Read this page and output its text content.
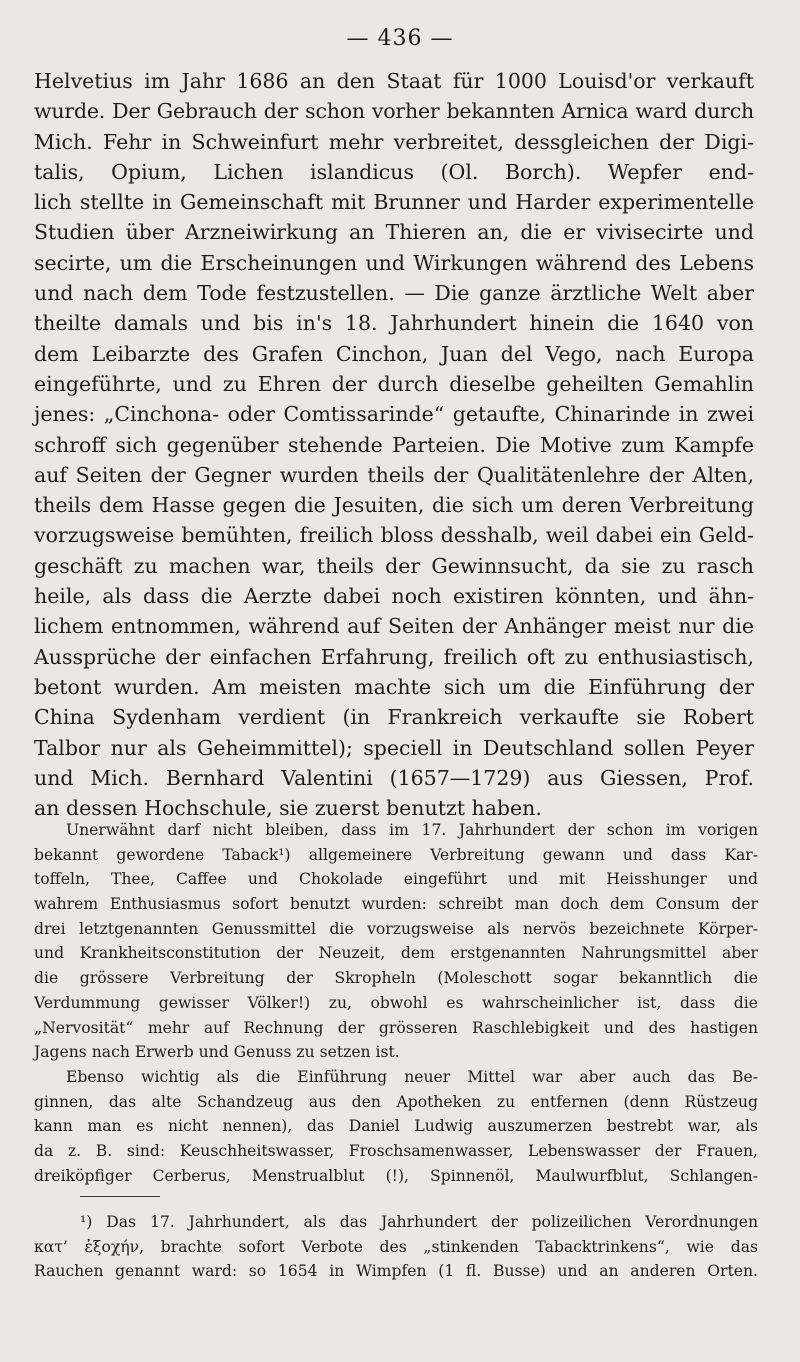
— 436 —
Helvetius im Jahr 1686 an den Staat für 1000 Louisd'or verkauft
wurde. Der Gebrauch der schon vorher bekannten Arnica ward durch
Mich. Fehr in Schweinfurt mehr verbreitet, dessgleichen der Digi-
talis, Opium, Lichen islandicus (Ol. Borch). Wepfer end-
lich stellte in Gemeinschaft mit Brunner und Harder experimentelle
Studien über Arzneiwirkung an Thieren an, die er vivisecirte und
secirte, um die Erscheinungen und Wirkungen während des Lebens
und nach dem Tode festzustellen. — Die ganze ärztliche Welt aber
theilte damals und bis in's 18. Jahrhundert hinein die 1640 von
dem Leibarzte des Grafen Cinchon, Juan del Vego, nach Europa
eingeführte, und zu Ehren der durch dieselbe geheilten Gemahlin
jenes: „Cinchona- oder Comtissarinde“ getaufte, Chinarinde in zwei
schroff sich gegenüber stehende Parteien. Die Motive zum Kampfe
auf Seiten der Gegner wurden theils der Qualitätenlehre der Alten,
theils dem Hasse gegen die Jesuiten, die sich um deren Verbreitung
vorzugsweise bemühten, freilich bloss desshalb, weil dabei ein Geld-
geschäft zu machen war, theils der Gewinnsucht, da sie zu rasch
heile, als dass die Aerzte dabei noch existiren könnten, und ähn-
lichem entnommen, während auf Seiten der Anhänger meist nur die
Aussprüche der einfachen Erfahrung, freilich oft zu enthusiastisch,
betont wurden. Am meisten machte sich um die Einführung der
China Sydenham verdient (in Frankreich verkaufte sie Robert
Talbor nur als Geheimmittel); speciell in Deutschland sollen Peyer
und Mich. Bernhard Valentini (1657—1729) aus Giessen, Prof.
an dessen Hochschule, sie zuerst benutzt haben.
Unerwähnt darf nicht bleiben, dass im 17. Jahrhundert der schon im vorigen
bekannt gewordene Taback¹) allgemeinere Verbreitung gewann und dass Kar-
toffeln, Thee, Caffee und Chokolade eingeführt und mit Heisshunger und
wahrem Enthusiasmus sofort benutzt wurden: schreibt man doch dem Consum der
drei letztgenannten Genussmittel die vorzugsweise als nervös bezeichnete Körper-
und Krankheitsconstitution der Neuzeit, dem erstgenannten Nahrungsmittel aber
die grössere Verbreitung der Skropheln (Moleschott sogar bekanntlich die
Verdummung gewisser Völker!) zu, obwohl es wahrscheinlicher ist, dass die
„Nervosität“ mehr auf Rechnung der grösseren Raschlebigkeit und des hastigen
Jagens nach Erwerb und Genuss zu setzen ist.
Ebenso wichtig als die Einführung neuer Mittel war aber auch das Be-
ginnen, das alte Schandzeug aus den Apotheken zu entfernen (denn Rüstzeug
kann man es nicht nennen), das Daniel Ludwig auszumerzen bestrebt war, als
da z. B. sind: Keuschheitswasser, Froschsamenwasser, Lebenswasser der Frauen,
dreiköpfiger Cerberus, Menstrualblut (!), Spinnenöl, Maulwurfblut, Schlangen-
¹) Das 17. Jahrhundert, als das Jahrhundert der polizeilichen Verordnungen
κατ’ ἐξοχήν, brachte sofort Verbote des „stinkenden Tabacktrinkens“, wie das
Rauchen genannt ward: so 1654 in Wimpfen (1 fl. Busse) und an anderen Orten.
